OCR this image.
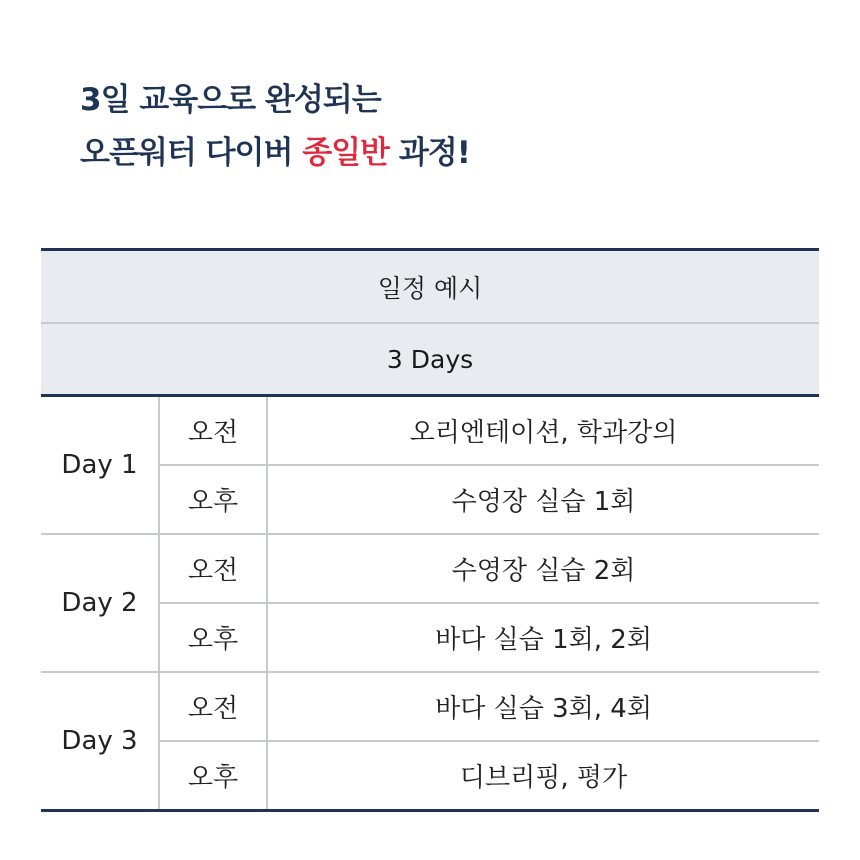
3일 교육으로 완성되는
오픈워터 다이버 종일반 과정!
일정 예시		
3 Days		
Day 1	오전	오리엔테이션, 학과강의
	오후	수영장 실습 1회
Day 2	오전	수영장 실습 2회
	오후	바다 실습 1회, 2회
Day 3	오전	바다 실습 3회, 4회
	오후	디브리핑, 평가
